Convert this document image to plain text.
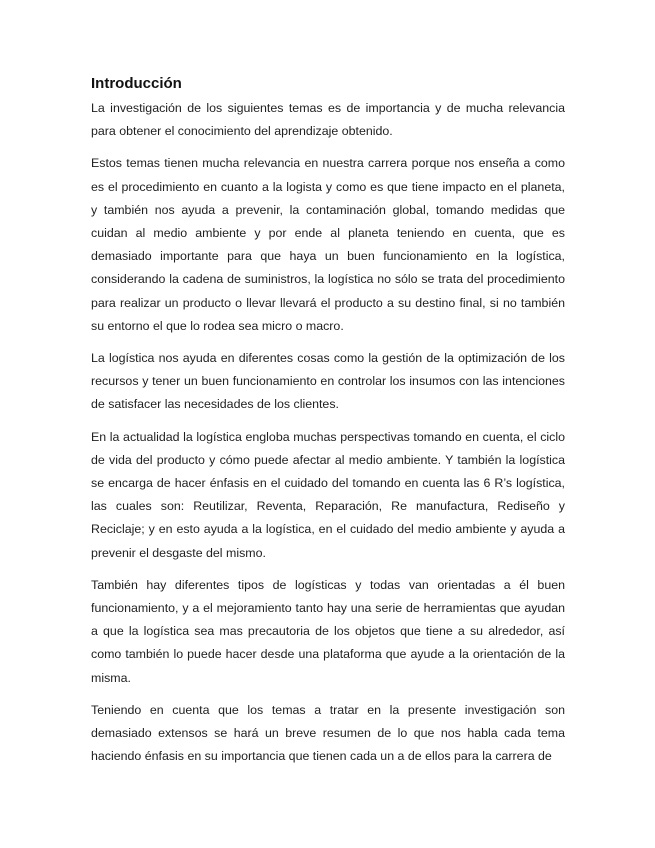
Introducción

La investigación de los siguientes temas es de importancia y de mucha relevancia para obtener el conocimiento del aprendizaje obtenido.

Estos temas tienen mucha relevancia en nuestra carrera porque nos enseña a como es el procedimiento en cuanto a la logista y como es que tiene impacto en el planeta, y también nos ayuda a prevenir, la contaminación global, tomando medidas que cuidan al medio ambiente y por ende al planeta teniendo en cuenta, que es demasiado importante para que haya un buen funcionamiento en la logística, considerando la cadena de suministros, la logística no sólo se trata del procedimiento para realizar un producto o llevar llevará el producto a su destino final, si no también su entorno el que lo rodea sea micro o macro.

La logística nos ayuda en diferentes cosas como la gestión de la optimización de los recursos y tener un buen funcionamiento en controlar los insumos con las intenciones de satisfacer las necesidades de los clientes.

En la actualidad la logística engloba muchas perspectivas tomando en cuenta, el ciclo de vida del producto y cómo puede afectar al medio ambiente. Y también la logística se encarga de hacer énfasis en el cuidado del tomando en cuenta las 6 R’s logística, las cuales son: Reutilizar, Reventa, Reparación, Re manufactura, Rediseño y Reciclaje; y en esto ayuda a la logística, en el cuidado del medio ambiente y ayuda a prevenir el desgaste del mismo.

También hay diferentes tipos de logísticas y todas van orientadas a él buen funcionamiento, y a el mejoramiento tanto hay una serie de herramientas que ayudan a que la logística sea mas precautoria de los objetos que tiene a su alrededor, así como también lo puede hacer desde una plataforma que ayude a la orientación de la misma.

Teniendo en cuenta que los temas a tratar en la presente investigación son demasiado extensos se hará un breve resumen de lo que nos habla cada tema haciendo énfasis en su importancia que tienen cada un a de ellos para la carrera de
